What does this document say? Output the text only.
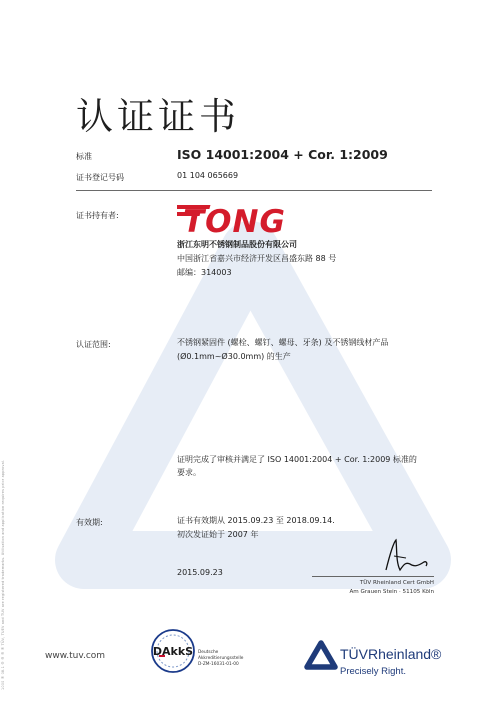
认证证书
标准	ISO 14001:2004 + Cor. 1:2009
证书登记号码	01 104 065669
证书持有者: TONG
浙江东明不锈钢制品股份有限公司
中国浙江省嘉兴市经济开发区昌盛东路 88 号
邮编：314003
认证范围:	不锈钢紧固件 (螺栓、螺钉、螺母、牙条) 及不锈钢线材产品
(Ø0.1mm~Ø30.0mm) 的生产
证明完成了审核并满足了 ISO 14001:2004 + Cor. 1:2009 标准的
要求。
有效期:	证书有效期从 2015.09.23 至 2018.09.14.
初次发证始于 2007 年
2015.09.23
TÜV Rheinland Cert GmbH
Am Grauen Stein · 51105 Köln
1000 ® 08.1 ® ® ® ® TÜV, TUEV and TUV are registered trademarks. Utilisation and application requires prior approval.	www.tuv.com	DAkkS Deutsche
Akkreditierungsstelle
D-ZM-16031-01-00
TÜVRheinland®
Precisely Right.
